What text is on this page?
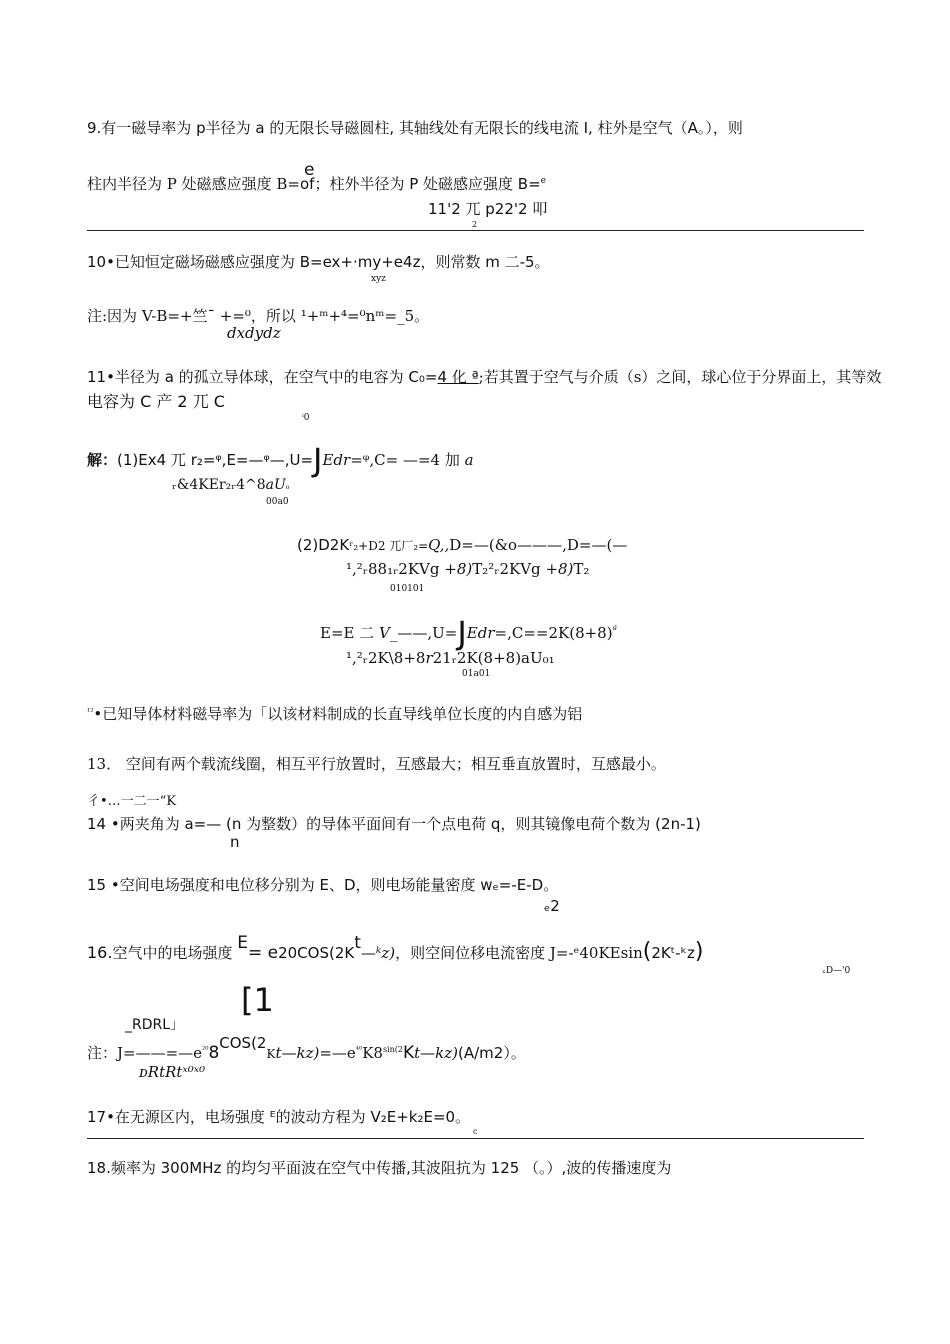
9.有一磁导率为 p半径为 a 的无限长导磁圆柱, 其轴线处有无限长的线电流 I, 柱外是空气（A。），则
柱内半径为 P 处磁感应强度 B=
e
of；柱外半径为 P 处磁感应强度 B=$^e$
11'2 兀 p22'2 叩
2
10•已知恒定磁场磁感应强度为 B=ex+·my+e4z，则常数 m 二-5。
xyz
注:因为 V-B=+竺ˉ +=⁰，所以 ¹+ᵐ+⁴=⁰nᵐ=_5。
dxdydz
11•半径为 a 的孤立导体球，在空气中的电容为 C₀=4 化 ª;若其置于空气与介质（s）之间，球心位于分界面上，其等效
电容为 C 产 2 兀 C
ⁱ0
解：(1)Ex4 兀 r₂=ᵠ,E=—ᵠ—,U=JEdr=ᵠ,C= —=4 加 a
ᵣ&4KEr₂ᵣ4^8aU₀
00a0
(2)D2Kʳ₂+D2 兀厂₂=Q,,D=—(&o———,D=—(—
¹,²ᵣ88₁ᵣ2KVg +8)T₂²ᵣ2KVg +8)T₂
010101
E=E 二 $V\_——,U=JEdr=,C==2K(8+8)^ª$
¹,²ᵣ2K\8+8r21ᵣ2K(8+8)aU₀₁
01a01
$^{^{12}}$•已知导体材料磁导率为「以该材料制成的长直导线单位长度的内自感为铝
13． 空间有两个载流线圈，相互平行放置时，互感最大；相互垂直放置时，互感最小。
彳•…一二一“K
14 •两夹角为 a=— (n 为整数）的导体平面间有一个点电荷 q，则其镜像电荷个数为 (2n-1)
n
15 •空间电场强度和电位移分别为 E、D，则电场能量密度 wₑ=-E-D。
ₑ2
16.空气中的电场强度 E= e20COS(2Kt—ᵏz)，则空间位移电流密度 J=-ᵉ40KEsin(2Kᵗ-ᵏz)
ₓD—'0
[1
_RDRL」
注：$J=——=—e^{^{20}}8COS(2Kt—kz)=—e^{^{40}}K8^{sin(2}Kt—kz)(A/m2)$。
ᴅRtRtˣ⁰ˣ⁰
17•在无源区内，电场强度 ᴱ的波动方程为 V₂E+k₂E=0。
c
18.频率为 300MHz 的均匀平面波在空气中传播,其波阻抗为 125 （。）,波的传播速度为
